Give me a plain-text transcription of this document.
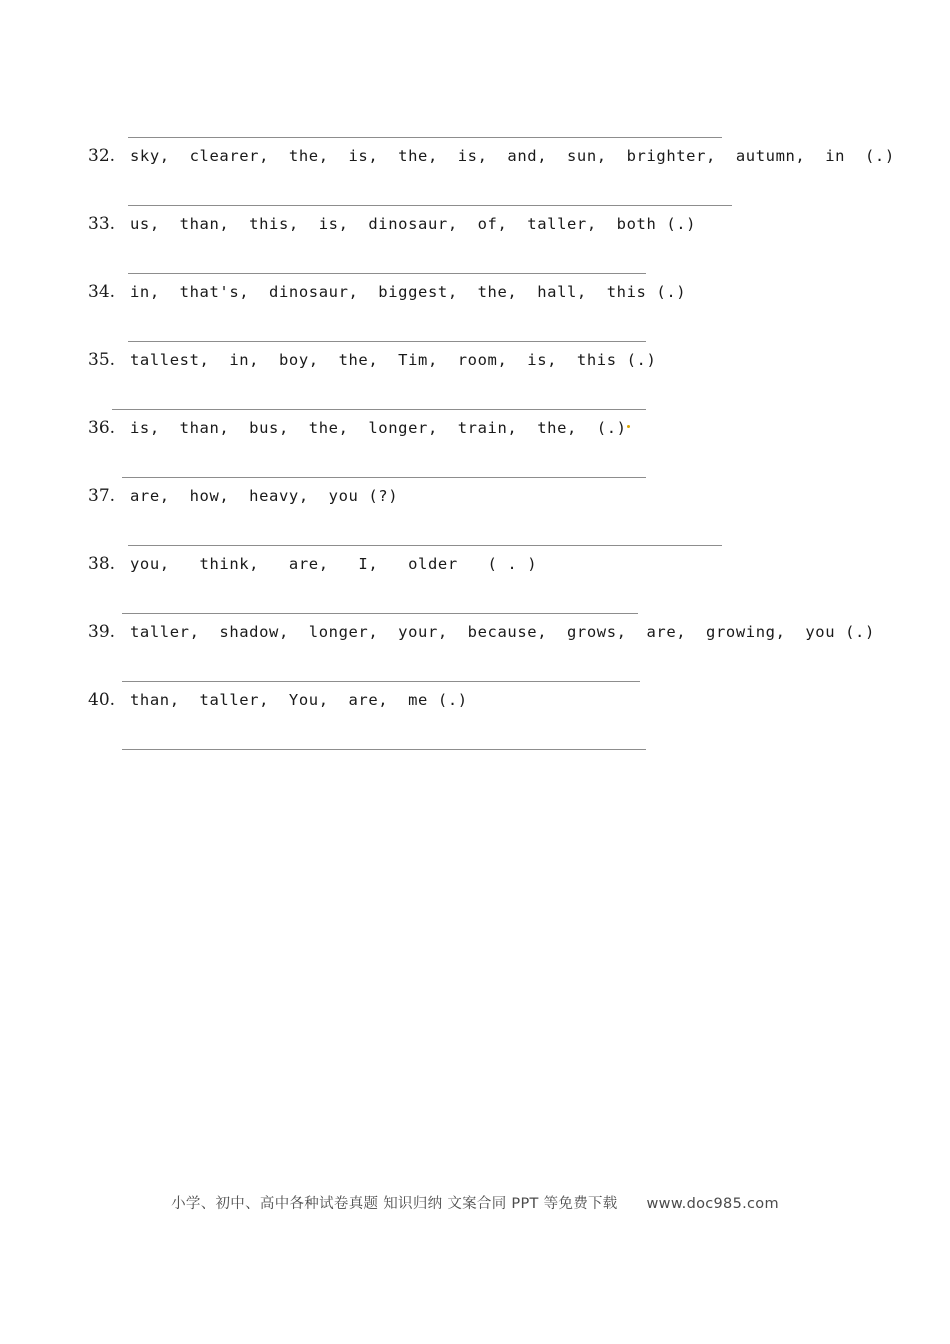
32. sky,  clearer,  the,  is,  the,  is,  and,  sun,  brighter,  autumn,  in  (.)
33. us,  than,  this,  is,  dinosaur,  of,  taller,  both (.)
34. in,  that's,  dinosaur,  biggest,  the,  hall,  this (.)
35. tallest,  in,  boy,  the,  Tim,  room,  is,  this (.)
36. is,  than,  bus,  the,  longer,  train,  the,  (.)
37. are,  how,  heavy,  you (?)
38. you,   think,   are,   I,   older   ( . )
39. taller,  shadow,  longer,  your,  because,  grows,  are,  growing,  you (.)
40. than,  taller,  You,  are,  me (.)
小学、初中、高中各种试卷真题 知识归纳 文案合同 PPT 等免费下载 www.doc985.com
